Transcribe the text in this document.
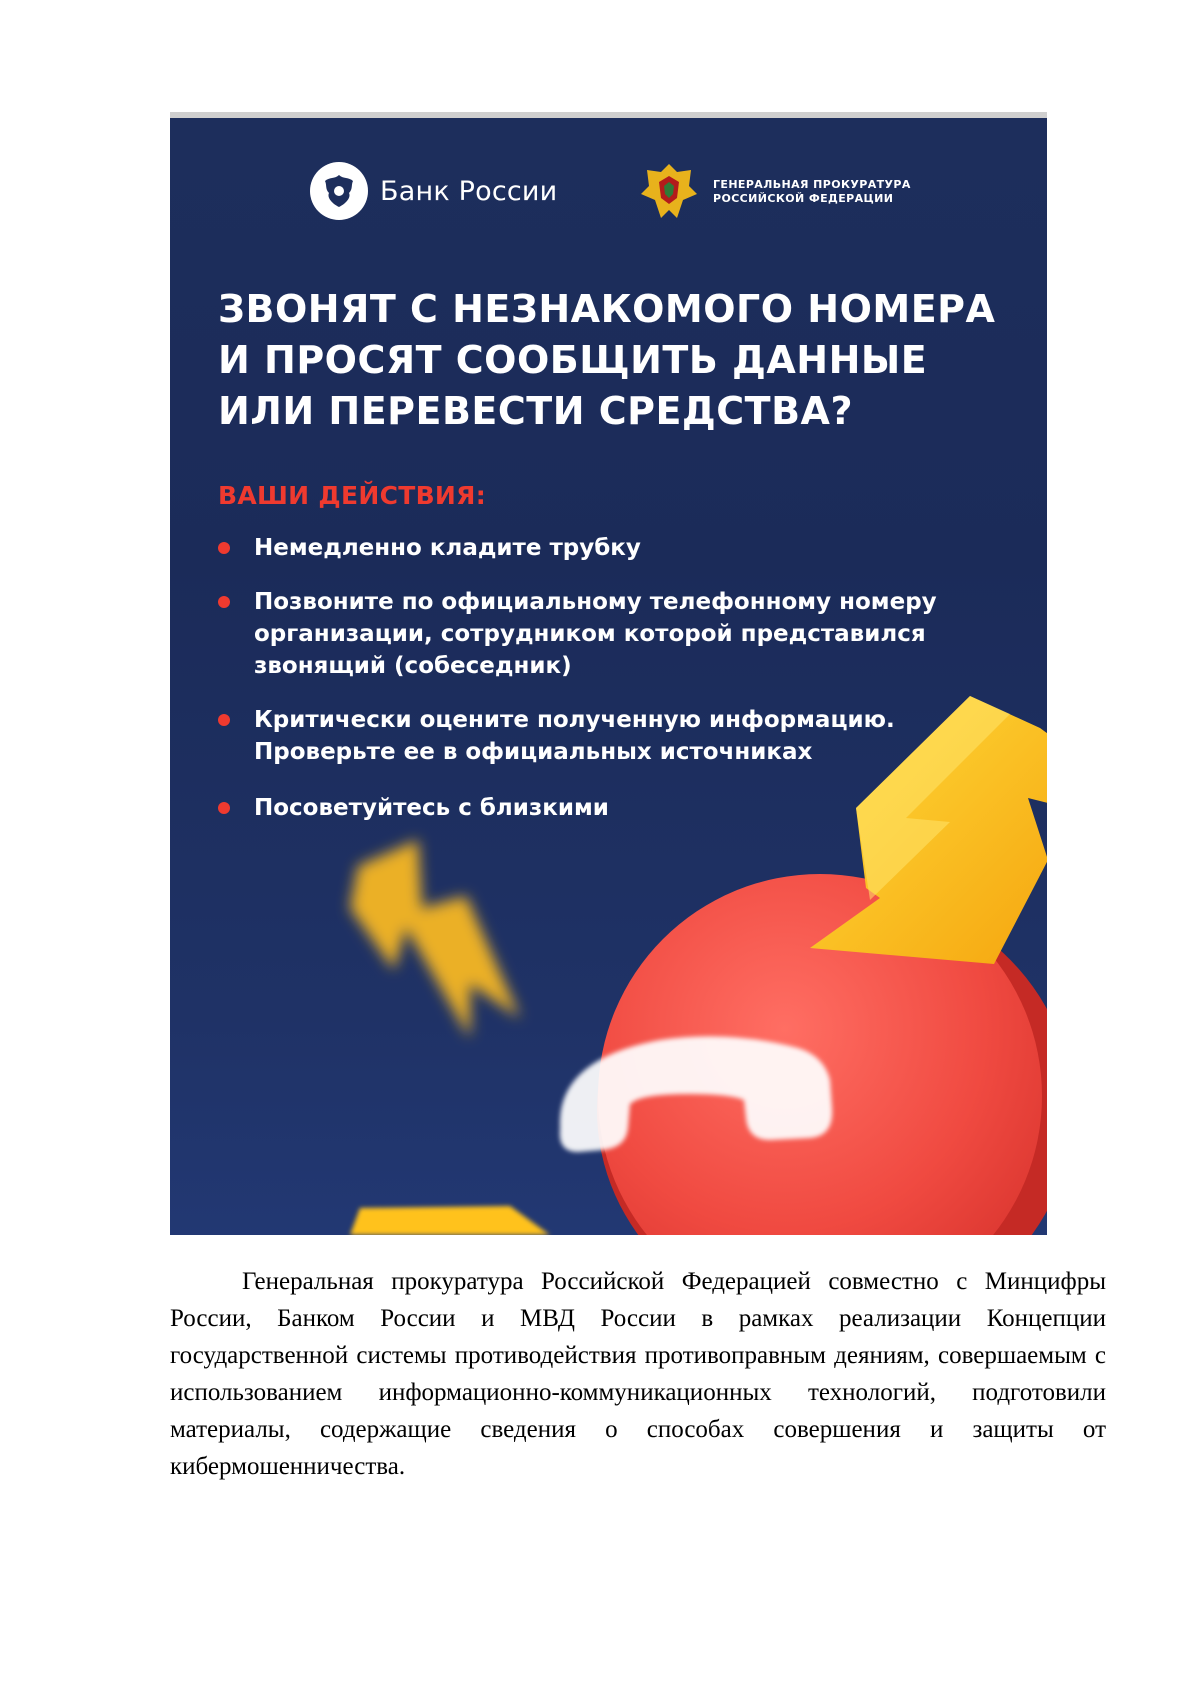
Банк России	ГЕНЕРАЛЬНАЯ ПРОКУРАТУРА
РОССИЙСКОЙ ФЕДЕРАЦИИ
ЗВОНЯТ С НЕЗНАКОМОГО НОМЕРА
И ПРОСЯТ СООБЩИТЬ ДАННЫЕ
ИЛИ ПЕРЕВЕСТИ СРЕДСТВА?
ВАШИ ДЕЙСТВИЯ:
Немедленно кладите трубку
Позвоните по официальному телефонному номеру
организации, сотрудником которой представился
звонящий (собеседник)
Критически оцените полученную информацию.
Проверьте ее в официальных источниках
Посоветуйтесь с близкими

Генеральная прокуратура Российской Федерацией совместно с Минцифры России, Банком России и МВД России в рамках реализации Концепции государственной системы противодействия противоправным деяниям, совершаемым с использованием информационно-коммуникационных технологий, подготовили материалы, содержащие сведения о способах совершения и защиты от кибермошенничества.
